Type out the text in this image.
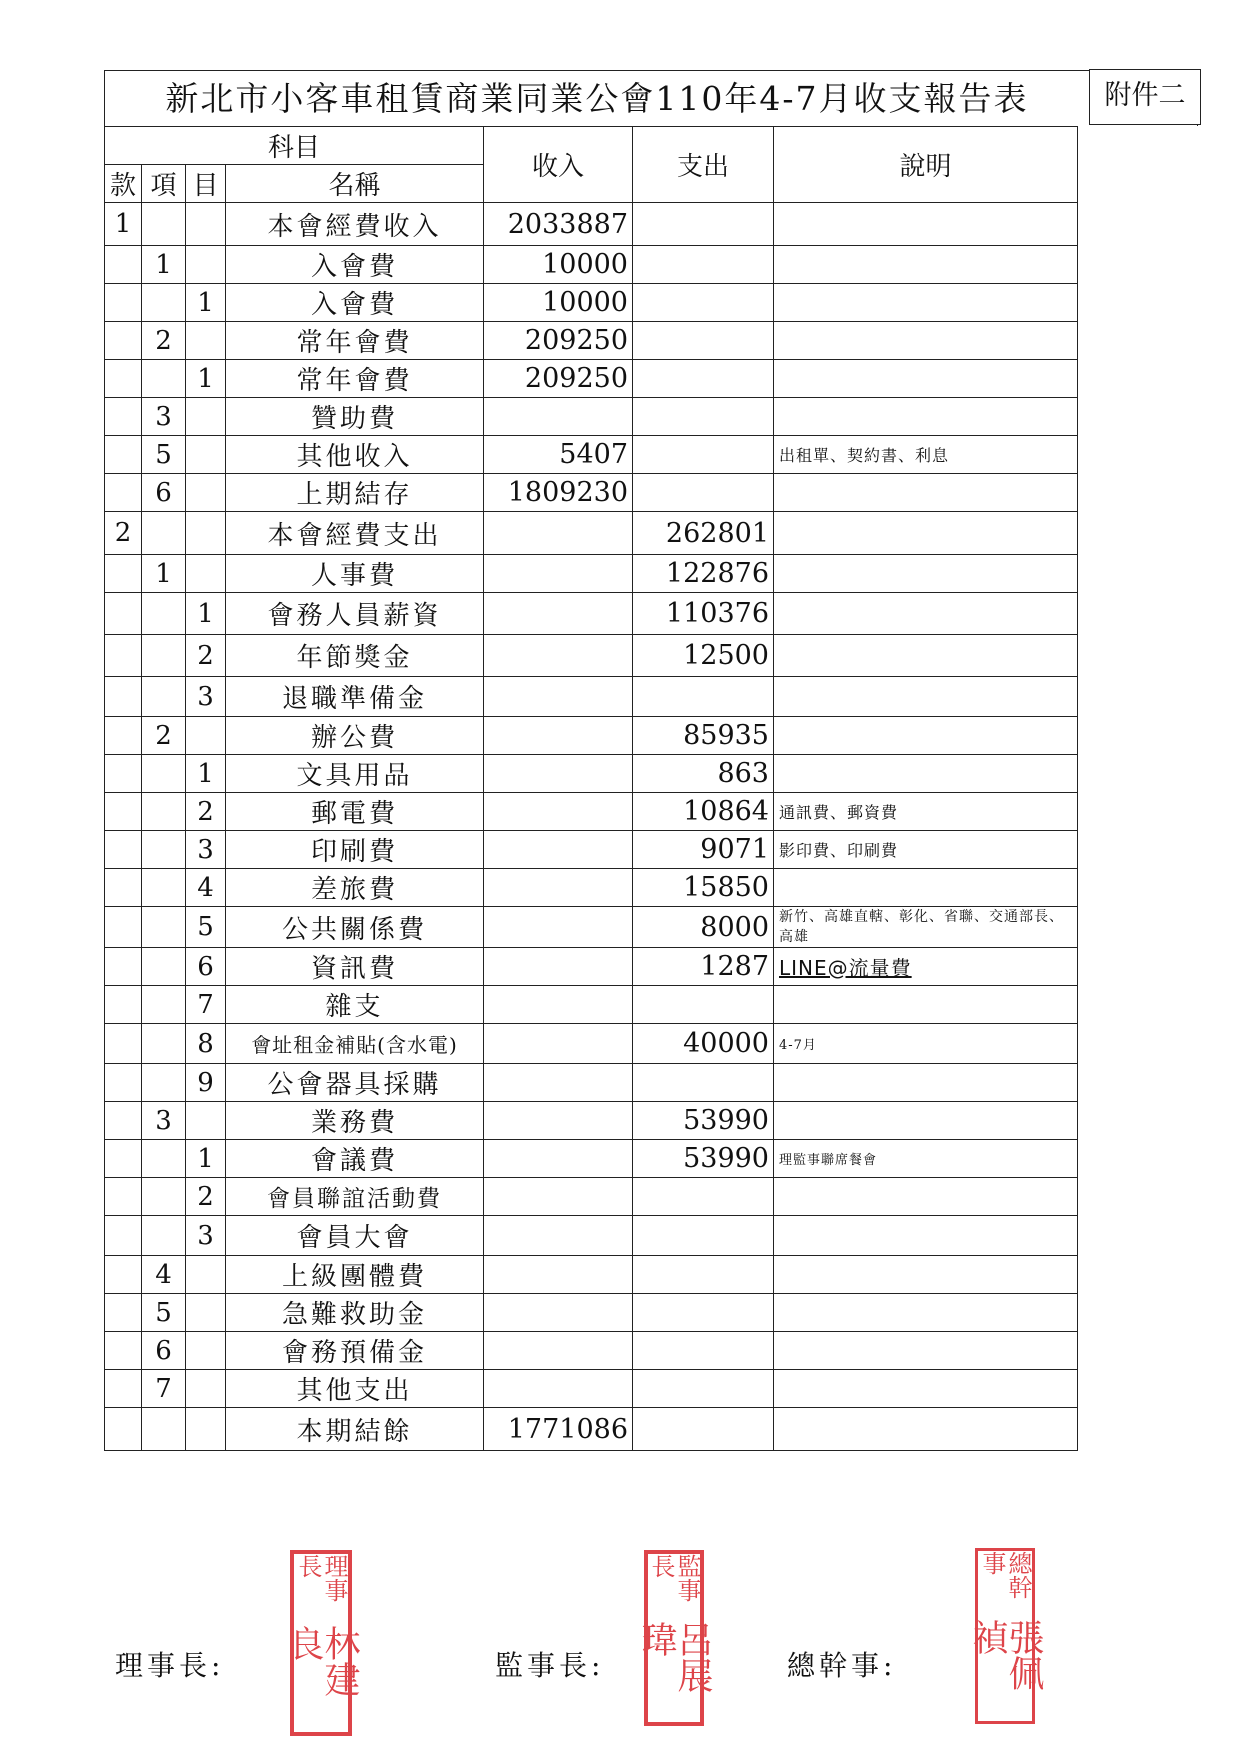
新北市小客車租賃商業同業公會110年4-7月收支報告表	附件二
科目				收入	支出	說明
款	項	目	名稱			
1			本會經費收入	2033887		
	1		入會費	10000		
		1	入會費	10000		
	2		常年會費	209250		
		1	常年會費	209250		
	3		贊助費			
	5		其他收入	5407		出租單、契約書、利息
	6		上期結存	1809230		
2			本會經費支出		262801	
	1		人事費		122876	
		1	會務人員薪資		110376	
		2	年節獎金		12500	
		3	退職準備金			
	2		辦公費		85935	
		1	文具用品		863	
		2	郵電費		10864	通訊費、郵資費
		3	印刷費		9071	影印費、印刷費
		4	差旅費		15850	
		5	公共關係費		8000	新竹、高雄直轄、彰化、省聯、交通部長、高雄
		6	資訊費		1287	LINE@流量費
		7	雜支			
		8	會址租金補貼(含水電)		40000	4-7月
		9	公會器具採購			
	3		業務費		53990	
		1	會議費		53990	理監事聯席餐會
		2	會員聯誼活動費			
		3	會員大會			
	4		上級團體費			
	5		急難救助金			
	6		會務預備金			
	7		其他支出			
			本期結餘	1771086		
理事長:	監事長:	總幹事:
理事長
林建良
監事長
呂展瑋
總幹事
張佩禎
